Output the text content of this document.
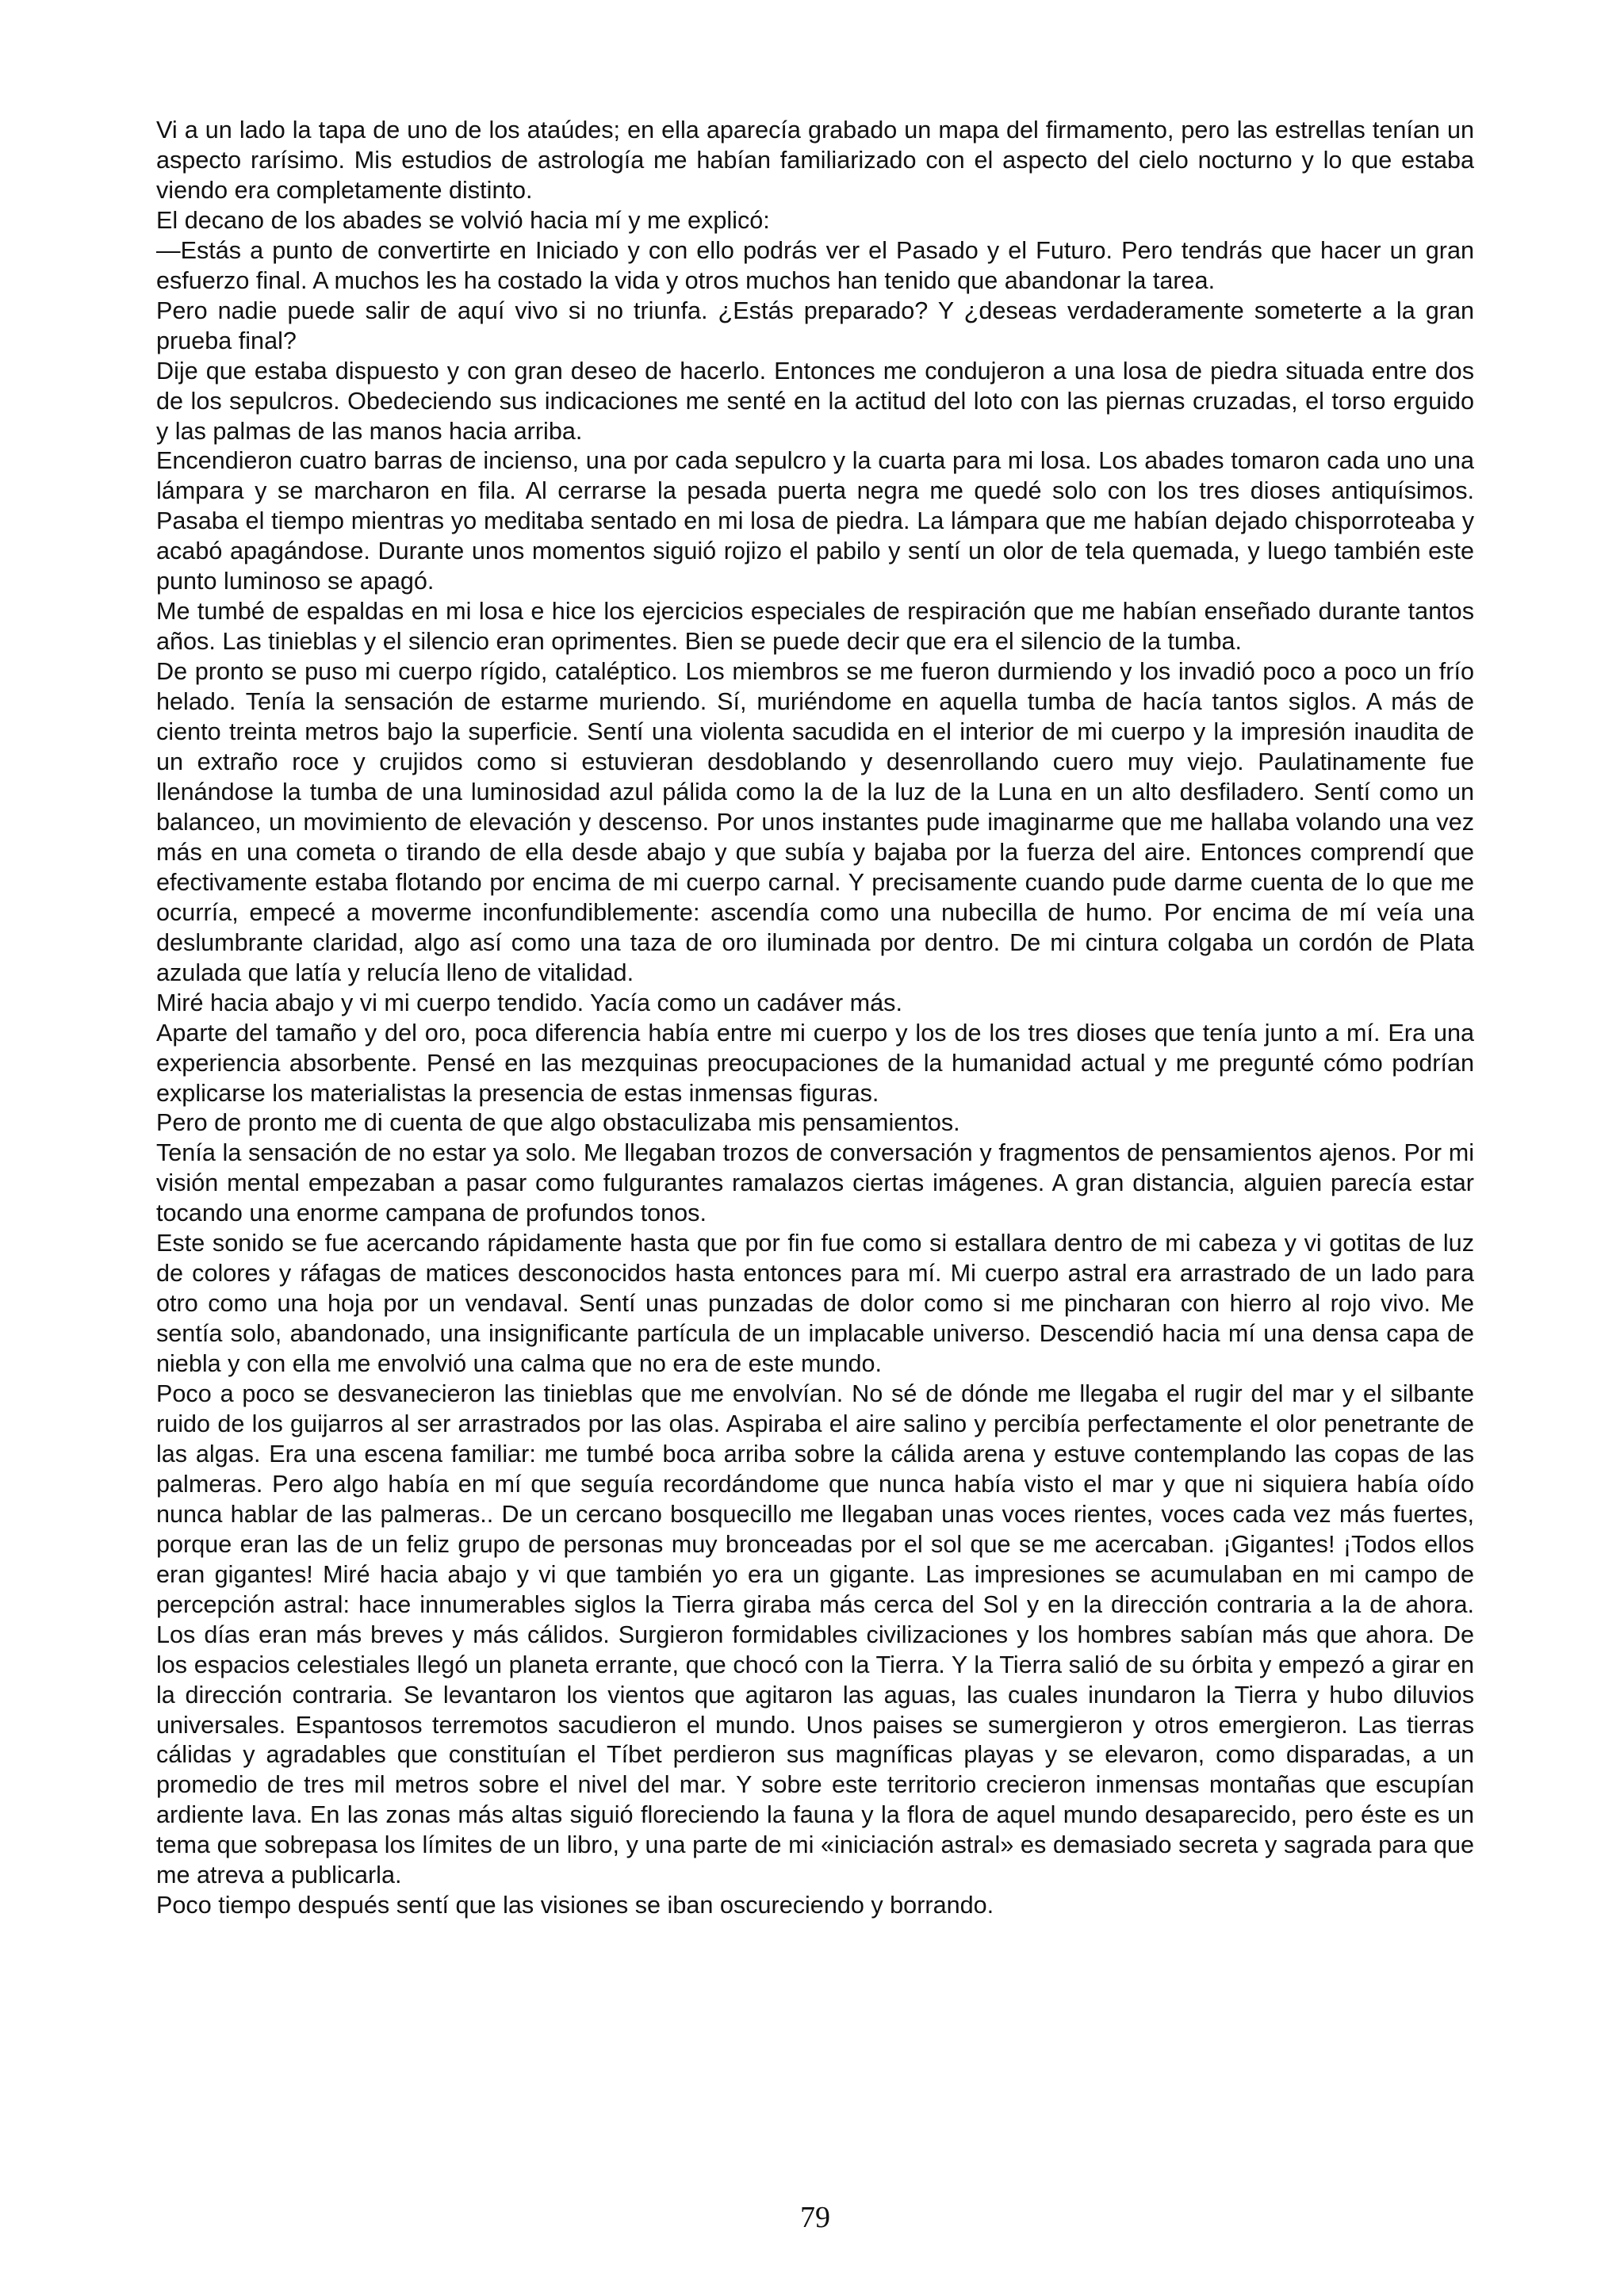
Vi a un lado la tapa de uno de los ataúdes; en ella aparecía grabado un mapa del firmamento, pero las estrellas tenían un aspecto rarísimo. Mis estudios de astrología me habían familiarizado con el aspecto del cielo nocturno y lo que estaba viendo era completamente distinto.

El decano de los abades se volvió hacia mí y me explicó:

—Estás a punto de convertirte en Iniciado y con ello podrás ver el Pasado y el Futuro. Pero tendrás que hacer un gran esfuerzo final. A muchos les ha costado la vida y otros muchos han tenido que abandonar la tarea.

Pero nadie puede salir de aquí vivo si no triunfa. ¿Estás preparado? Y ¿deseas verdaderamente someterte a la gran prueba final?

Dije que estaba dispuesto y con gran deseo de hacerlo. Entonces me condujeron a una losa de piedra situada entre dos de los sepulcros. Obedeciendo sus indicaciones me senté en la actitud del loto con las piernas cruzadas, el torso erguido y las palmas de las manos hacia arriba.

Encendieron cuatro barras de incienso, una por cada sepulcro y la cuarta para mi losa. Los abades tomaron cada uno una lámpara y se marcharon en fila. Al cerrarse la pesada puerta negra me quedé solo con los tres dioses antiquísimos. Pasaba el tiempo mientras yo meditaba sentado en mi losa de piedra. La lámpara que me habían dejado chisporroteaba y acabó apagándose. Durante unos momentos siguió rojizo el pabilo y sentí un olor de tela quemada, y luego también este punto luminoso se apagó.

Me tumbé de espaldas en mi losa e hice los ejercicios especiales de respiración que me habían enseñado durante tantos años. Las tinieblas y el silencio eran oprimentes. Bien se puede decir que era el silencio de la tumba.

De pronto se puso mi cuerpo rígido, cataléptico. Los miembros se me fueron durmiendo y los invadió poco a poco un frío helado. Tenía la sensación de estarme muriendo. Sí, muriéndome en aquella tumba de hacía tantos siglos. A más de ciento treinta metros bajo la superficie. Sentí una violenta sacudida en el interior de mi cuerpo y la impresión inaudita de un extraño roce y crujidos como si estuvieran desdoblando y desenrollando cuero muy viejo. Paulatinamente fue llenándose la tumba de una luminosidad azul pálida como la de la luz de la Luna en un alto desfiladero. Sentí como un balanceo, un movimiento de elevación y descenso. Por unos instantes pude imaginarme que me hallaba volando una vez más en una cometa o tirando de ella desde abajo y que subía y bajaba por la fuerza del aire. Entonces comprendí que efectivamente estaba flotando por encima de mi cuerpo carnal. Y precisamente cuando pude darme cuenta de lo que me ocurría, empecé a moverme inconfundiblemente: ascendía como una nubecilla de humo. Por encima de mí veía una deslumbrante claridad, algo así como una taza de oro iluminada por dentro. De mi cintura colgaba un cordón de Plata azulada que latía y relucía lleno de vitalidad.

Miré hacia abajo y vi mi cuerpo tendido. Yacía como un cadáver más.

Aparte del tamaño y del oro, poca diferencia había entre mi cuerpo y los de los tres dioses que tenía junto a mí. Era una experiencia absorbente. Pensé en las mezquinas preocupaciones de la humanidad actual y me pregunté cómo podrían explicarse los materialistas la presencia de estas inmensas figuras.

Pero de pronto me di cuenta de que algo obstaculizaba mis pensamientos.

Tenía la sensación de no estar ya solo. Me llegaban trozos de conversación y fragmentos de pensamientos ajenos. Por mi visión mental empezaban a pasar como fulgurantes ramalazos ciertas imágenes. A gran distancia, alguien parecía estar tocando una enorme campana de profundos tonos.

Este sonido se fue acercando rápidamente hasta que por fin fue como si estallara dentro de mi cabeza y vi gotitas de luz de colores y ráfagas de matices desconocidos hasta entonces para mí. Mi cuerpo astral era arrastrado de un lado para otro como una hoja por un vendaval. Sentí unas punzadas de dolor como si me pincharan con hierro al rojo vivo. Me sentía solo, abandonado, una insignificante partícula de un implacable universo. Descendió hacia mí una densa capa de niebla y con ella me envolvió una calma que no era de este mundo.

Poco a poco se desvanecieron las tinieblas que me envolvían. No sé de dónde me llegaba el rugir del mar y el silbante ruido de los guijarros al ser arrastrados por las olas. Aspiraba el aire salino y percibía perfectamente el olor penetrante de las algas. Era una escena familiar: me tumbé boca arriba sobre la cálida arena y estuve contemplando las copas de las palmeras. Pero algo había en mí que seguía recordándome que nunca había visto el mar y que ni siquiera había oído nunca hablar de las palmeras.. De un cercano bosquecillo me llegaban unas voces rientes, voces cada vez más fuertes, porque eran las de un feliz grupo de personas muy bronceadas por el sol que se me acercaban. ¡Gigantes! ¡Todos ellos eran gigantes! Miré hacia abajo y vi que también yo era un gigante. Las impresiones se acumulaban en mi campo de percepción astral: hace innumerables siglos la Tierra giraba más cerca del Sol y en la dirección contraria a la de ahora. Los días eran más breves y más cálidos. Surgieron formidables civilizaciones y los hombres sabían más que ahora. De los espacios celestiales llegó un planeta errante, que chocó con la Tierra. Y la Tierra salió de su órbita y empezó a girar en la dirección contraria. Se levantaron los vientos que agitaron las aguas, las cuales inundaron la Tierra y hubo diluvios universales. Espantosos terremotos sacudieron el mundo. Unos paises se sumergieron y otros emergieron. Las tierras cálidas y agradables que constituían el Tíbet perdieron sus magníficas playas y se elevaron, como disparadas, a un promedio de tres mil metros sobre el nivel del mar. Y sobre este territorio crecieron inmensas montañas que escupían ardiente lava. En las zonas más altas siguió floreciendo la fauna y la flora de aquel mundo desaparecido, pero éste es un tema que sobrepasa los límites de un libro, y una parte de mi «iniciación astral» es demasiado secreta y sagrada para que me atreva a publicarla.

Poco tiempo después sentí que las visiones se iban oscureciendo y borrando.

79
